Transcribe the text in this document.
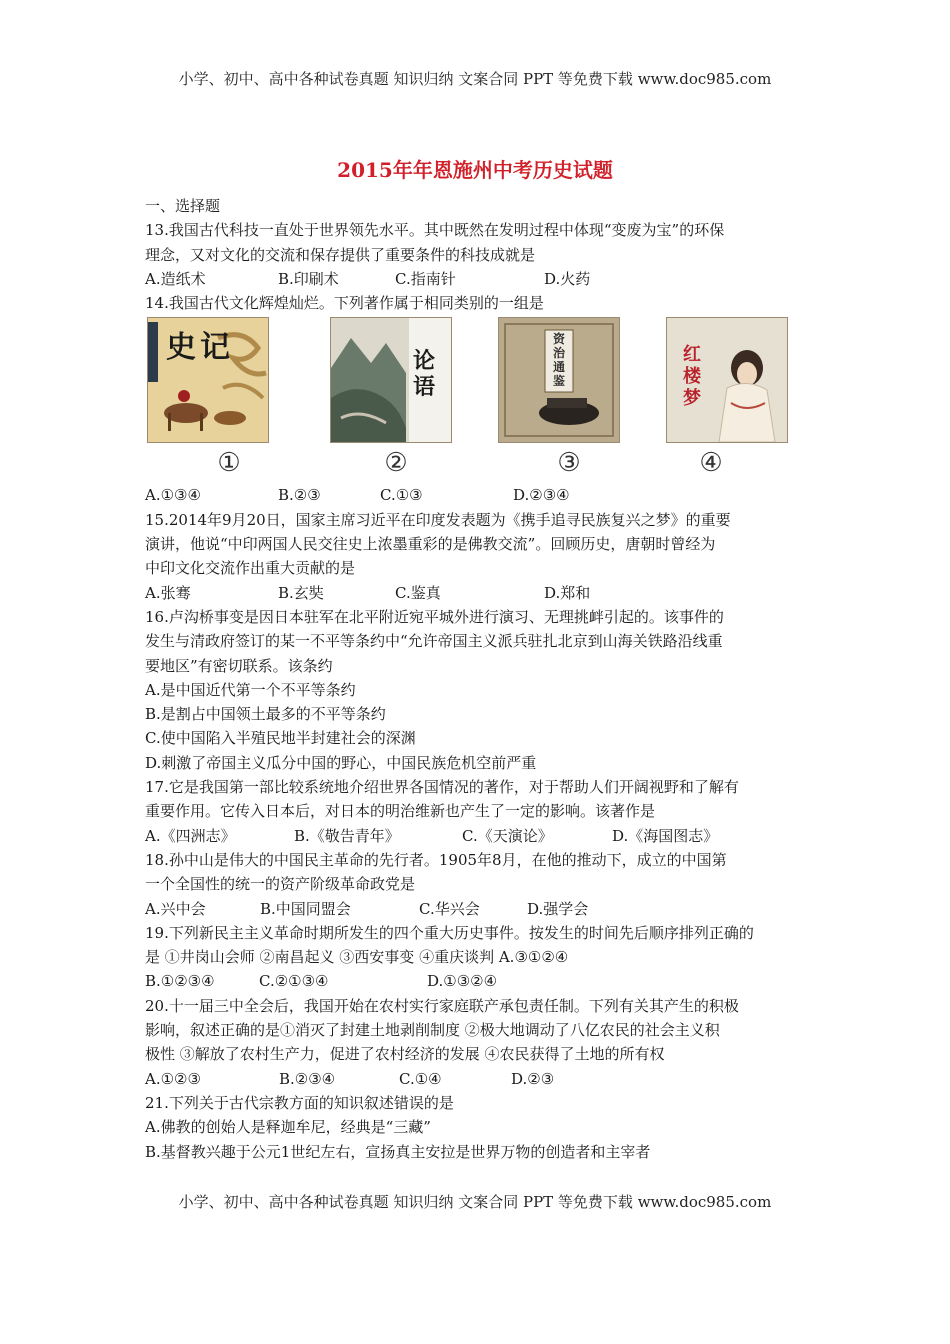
小学、初中、高中各种试卷真题 知识归纳 文案合同 PPT 等免费下载 www.doc985.com
2015年年恩施州中考历史试题
一、选择题
13.我国古代科技一直处于世界领先水平。其中既然在发明过程中体现“变废为宝”的环保
理念，又对文化的交流和保存提供了重要条件的科技成就是
A.造纸术	B.印刷术	C.指南针	D.火药
14.我国古代文化辉煌灿烂。下列著作属于相同类别的一组是
史记	论语
资治通鉴
红楼梦
①	②	③	④
A.①③④	B.②③	C.①③	D.②③④
15.2014年9月20日，国家主席习近平在印度发表题为《携手追寻民族复兴之梦》的重要
演讲，他说“中印两国人民交往史上浓墨重彩的是佛教交流”。回顾历史，唐朝时曾经为
中印文化交流作出重大贡献的是
A.张骞	B.玄奘	C.鉴真	D.郑和
16.卢沟桥事变是因日本驻军在北平附近宛平城外进行演习、无理挑衅引起的。该事件的
发生与清政府签订的某一不平等条约中“允许帝国主义派兵驻扎北京到山海关铁路沿线重
要地区”有密切联系。该条约
A.是中国近代第一个不平等条约
B.是割占中国领土最多的不平等条约
C.使中国陷入半殖民地半封建社会的深渊
D.刺激了帝国主义瓜分中国的野心，中国民族危机空前严重
17.它是我国第一部比较系统地介绍世界各国情况的著作，对于帮助人们开阔视野和了解有
重要作用。它传入日本后，对日本的明治维新也产生了一定的影响。该著作是
A.《四洲志》	B.《敬告青年》	C.《天演论》	D.《海国图志》
18.孙中山是伟大的中国民主革命的先行者。1905年8月，在他的推动下，成立的中国第
一个全国性的统一的资产阶级革命政党是
A.兴中会	B.中国同盟会	C.华兴会	D.强学会
19.下列新民主主义革命时期所发生的四个重大历史事件。按发生的时间先后顺序排列正确的
是 ①井岗山会师 ②南昌起义 ③西安事变 ④重庆谈判 A.③①②④
B.①②③④	C.②①③④	D.①③②④
20.十一届三中全会后，我国开始在农村实行家庭联产承包责任制。下列有关其产生的积极
影响，叙述正确的是①消灭了封建土地剥削制度 ②极大地调动了八亿农民的社会主义积
极性 ③解放了农村生产力，促进了农村经济的发展 ④农民获得了土地的所有权
A.①②③	B.②③④	C.①④	D.②③
21.下列关于古代宗教方面的知识叙述错误的是
A.佛教的创始人是释迦牟尼，经典是“三藏”
B.基督教兴趣于公元1世纪左右，宣扬真主安拉是世界万物的创造者和主宰者
小学、初中、高中各种试卷真题 知识归纳 文案合同 PPT 等免费下载 www.doc985.com
